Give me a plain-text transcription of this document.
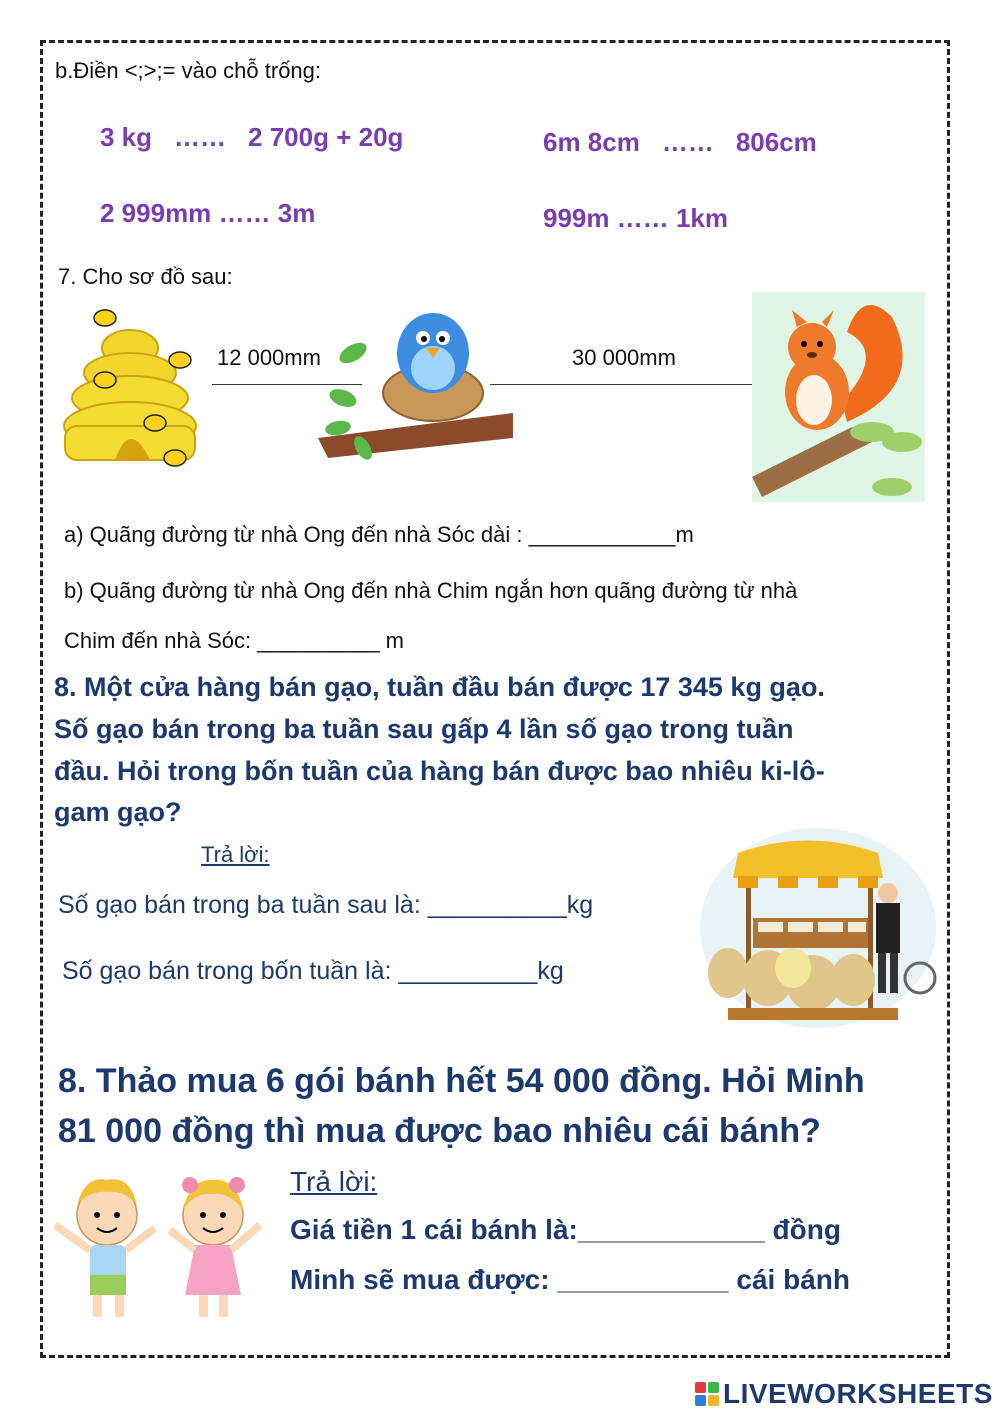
b.Điền <;>;= vào chỗ trống:
3 kg …… 2 700g + 20g	6m 8cm …… 806cm
2 999mm …… 3m	999m …… 1km
7. Cho sơ đồ sau:
12 000mm	30 000mm
a) Quãng đường từ nhà Ong đến nhà Sóc dài : ____________m
b) Quãng đường từ nhà Ong đến nhà Chim ngắn hơn quãng đường từ nhà
Chim đến nhà Sóc: __________ m
8. Một cửa hàng bán gạo, tuần đầu bán được 17 345 kg gạo.
Số gạo bán trong ba tuần sau gấp 4 lần số gạo trong tuần
đầu. Hỏi trong bốn tuần của hàng bán được bao nhiêu ki-lô-
gam gạo?
Trả lời:
Số gạo bán trong ba tuần sau là: __________kg
Số gạo bán trong bốn tuần là: __________kg
8. Thảo mua 6 gói bánh hết 54 000 đồng. Hỏi Minh
81 000 đồng thì mua được bao nhiêu cái bánh?
Trả lời:
Giá tiền 1 cái bánh là:____________ đồng
Minh sẽ mua được: ___________ cái bánh
LIVEWORKSHEETS
